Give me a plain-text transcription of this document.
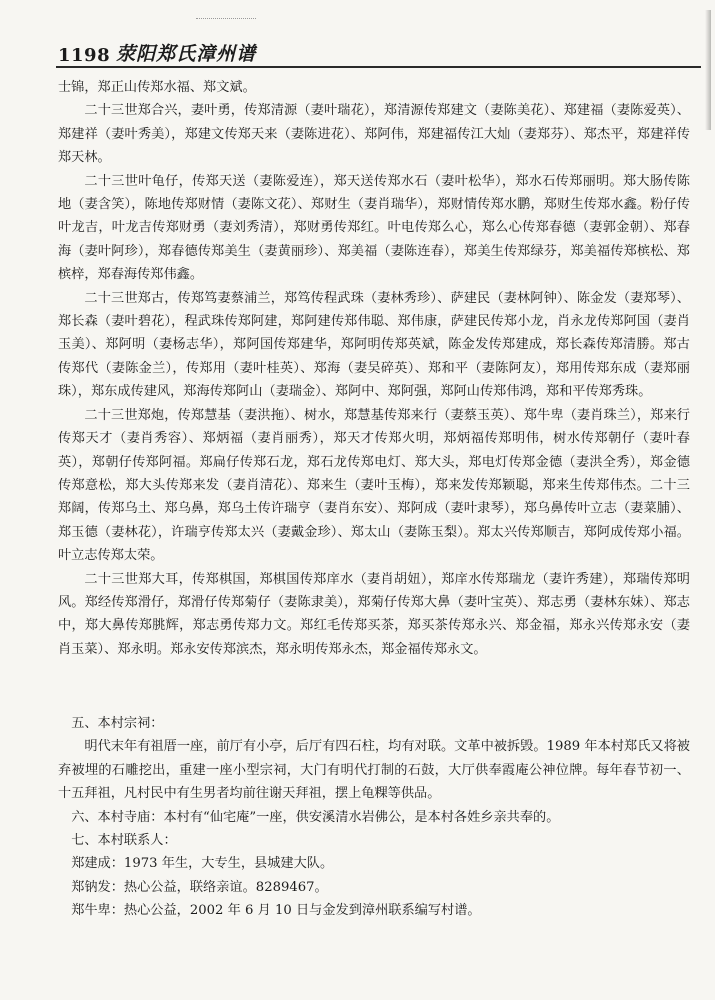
1198 荥阳郑氏漳州谱

士锦，郑正山传郑水福、郑文斌。

二十三世郑合兴，妻叶勇，传郑清源（妻叶瑞花），郑清源传郑建文（妻陈美花）、郑建福（妻陈爱英）、郑建祥（妻叶秀美），郑建文传郑天来（妻陈进花）、郑阿伟，郑建福传江大灿（妻郑芬）、郑杰平，郑建祥传郑天林。

二十三世叶龟仔，传郑天送（妻陈爱连），郑天送传郑水石（妻叶松华），郑水石传郑丽明。郑大肠传陈地（妻含笑），陈地传郑财情（妻陈文花）、郑财生（妻肖瑞华），郑财情传郑水鹏，郑财生传郑水鑫。粉仔传叶龙吉，叶龙吉传郑财勇（妻刘秀清），郑财勇传郑红。叶电传郑么心，郑么心传郑春德（妻郭金朝）、郑春海（妻叶阿珍），郑春德传郑美生（妻黄丽珍）、郑美福（妻陈连春），郑美生传郑绿芬，郑美福传郑槟松、郑槟梓，郑春海传郑伟鑫。

二十三世郑古，传郑笃妻蔡浦兰，郑笃传程武珠（妻林秀珍）、萨建民（妻林阿钟）、陈金发（妻郑琴）、郑长森（妻叶碧花），程武珠传郑阿建，郑阿建传郑伟聪、郑伟康，萨建民传郑小龙，肖永龙传郑阿国（妻肖玉美）、郑阿明（妻杨志华），郑阿国传郑建华，郑阿明传郑英斌，陈金发传郑建成，郑长森传郑清勝。郑古传郑代（妻陈金兰），传郑用（妻叶桂英）、郑海（妻吴碎英）、郑和平（妻陈阿友），郑用传郑东成（妻郑丽珠），郑东成传建风，郑海传郑阿山（妻瑞金）、郑阿中、郑阿强，郑阿山传郑伟鸿，郑和平传郑秀珠。

二十三世郑炮，传郑慧基（妻洪拖）、树水，郑慧基传郑来行（妻蔡玉英）、郑牛卑（妻肖珠兰），郑来行传郑天才（妻肖秀容）、郑炳福（妻肖丽秀），郑天才传郑火明，郑炳福传郑明伟，树水传郑朝仔（妻叶春英），郑朝仔传郑阿福。郑扁仔传郑石龙，郑石龙传郑电灯、郑大头，郑电灯传郑金德（妻洪全秀），郑金德传郑意松，郑大头传郑来发（妻肖清花）、郑来生（妻叶玉梅），郑来发传郑颖聪，郑来生传郑伟杰。二十三郑阔，传郑乌土、郑乌鼻，郑乌土传许瑞亨（妻肖东安）、郑阿成（妻叶隶琴），郑乌鼻传叶立志（妻菜脯）、郑玉德（妻林花），许瑞亨传郑太兴（妻戴金珍）、郑太山（妻陈玉梨）。郑太兴传郑顺吉，郑阿成传郑小福。叶立志传郑太荣。

二十三世郑大耳，传郑棋国，郑棋国传郑庠水（妻肖胡妞），郑庠水传郑瑞龙（妻许秀建），郑瑞传郑明风。郑经传郑滑仔，郑滑仔传郑菊仔（妻陈隶美），郑菊仔传郑大鼻（妻叶宝英）、郑志勇（妻林东妹）、郑志中，郑大鼻传郑朓辉，郑志勇传郑力文。郑红毛传郑买茶，郑买茶传郑永兴、郑金福，郑永兴传郑永安（妻肖玉菜）、郑永明。郑永安传郑滨杰，郑永明传郑永杰，郑金福传郑永文。

五、本村宗祠：

明代末年有祖厝一座，前厅有小亭，后厅有四石柱，均有对联。文革中被拆毁。1989 年本村郑氏又将被弃被埋的石雕挖出，重建一座小型宗祠，大门有明代打制的石鼓，大厅供奉霞庵公神位牌。每年春节初一、十五拜祖，凡村民中有生男者均前往谢天拜祖，摆上龟粿等供品。

六、本村寺庙：本村有“仙宅庵”一座，供安溪清水岩佛公，是本村各姓乡亲共奉的。

七、本村联系人：

郑建成：1973 年生，大专生，县城建大队。

郑钠发：热心公益，联络亲谊。8289467。

郑牛卑：热心公益，2002 年 6 月 10 日与金发到漳州联系编写村谱。
